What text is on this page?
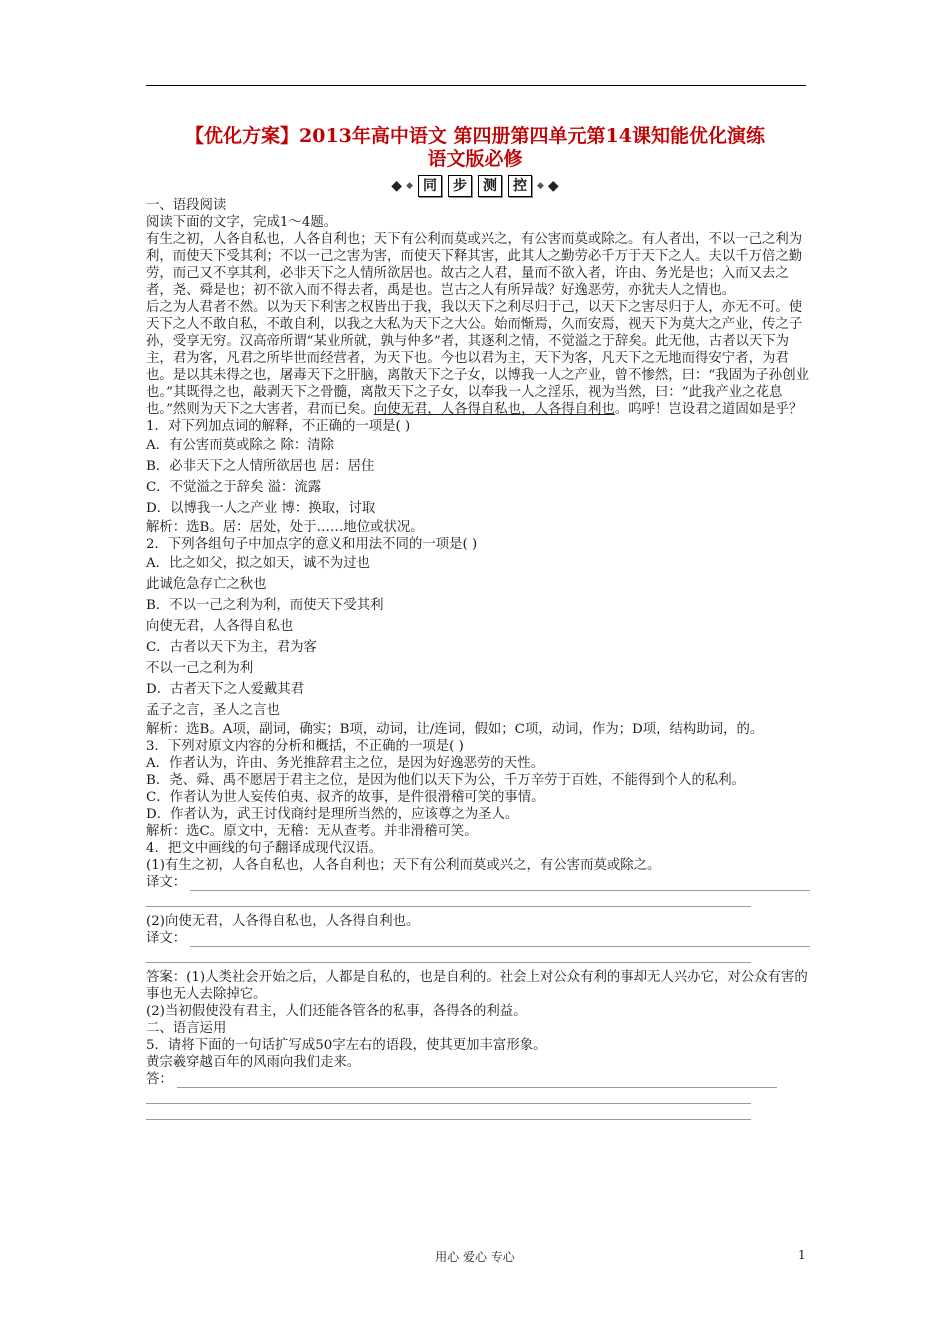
【优化方案】2013年高中语文 第四册第四单元第14课知能优化演练
语文版必修
◆ ◆ 同	步	测	控	◆ ◆

一、语段阅读

阅读下面的文字，完成1～4题。

有生之初，人各自私也，人各自利也；天下有公利而莫或兴之，有公害而莫或除之。有人者出，不以一己之利为利，而使天下受其利；不以一己之害为害，而使天下释其害，此其人之勤劳必千万于天下之人。夫以千万倍之勤劳，而己又不享其利，必非天下之人情所欲居也。故古之人君，量而不欲入者，许由、务光是也；入而又去之者，尧、舜是也；初不欲入而不得去者，禹是也。岂古之人有所异哉？好逸恶劳，亦犹夫人之情也。

后之为人君者不然。以为天下利害之权皆出于我，我以天下之利尽归于己，以天下之害尽归于人，亦无不可。使天下之人不敢自私，不敢自利，以我之大私为天下之大公。始而惭焉，久而安焉，视天下为莫大之产业，传之子孙，受享无穷。汉高帝所谓“某业所就，孰与仲多”者，其逐利之情，不觉溢之于辞矣。此无他，古者以天下为主，君为客，凡君之所毕世而经营者，为天下也。今也以君为主，天下为客，凡天下之无地而得安宁者，为君也。是以其未得之也，屠毒天下之肝脑，离散天下之子女，以博我一人之产业，曾不惨然，曰：“我固为子孙创业也。”其既得之也，敲剥天下之骨髓，离散天下之子女，以奉我一人之淫乐，视为当然，曰：“此我产业之花息也。”然则为天下之大害者，君而已矣。向使无君，人各得自私也，人各得自利也。呜呼！岂设君之道固如是乎？

1．对下列加点词的解释，不正确的一项是( )

A．有公害而莫或除之 除：清除

B．必非天下之人情所欲居也 居：居住

C．不觉溢之于辞矣 溢：流露

D．以博我一人之产业 博：换取，讨取

解析：选B。居：居处，处于……地位或状况。

2．下列各组句子中加点字的意义和用法不同的一项是( )

A．比之如父，拟之如天，诚不为过也

此诚危急存亡之秋也

B．不以一己之利为利，而使天下受其利

向使无君，人各得自私也

C．古者以天下为主，君为客

不以一己之利为利

D．古者天下之人爱戴其君

孟子之言，圣人之言也

解析：选B。A项，副词，确实；B项，动词，让/连词，假如；C项，动词，作为；D项，结构助词，的。

3．下列对原文内容的分析和概括，不正确的一项是( )

A．作者认为，许由、务光推辞君主之位，是因为好逸恶劳的天性。

B．尧、舜、禹不愿居于君主之位，是因为他们以天下为公，千万辛劳于百姓，不能得到个人的私利。

C．作者认为世人妄传伯夷、叔齐的故事，是件很滑稽可笑的事情。

D．作者认为，武王讨伐商纣是理所当然的，应该尊之为圣人。

解析：选C。原文中，无稽：无从查考。并非滑稽可笑。

4．把文中画线的句子翻译成现代汉语。

(1)有生之初，人各自私也，人各自利也；天下有公利而莫或兴之，有公害而莫或除之。

译文：

(2)向使无君，人各得自私也，人各得自利也。

译文：

答案：(1)人类社会开始之后，人都是自私的，也是自利的。社会上对公众有利的事却无人兴办它，对公众有害的事也无人去除掉它。

(2)当初假使没有君主，人们还能各管各的私事，各得各的利益。

二、语言运用

5．请将下面的一句话扩写成50字左右的语段，使其更加丰富形象。

黄宗羲穿越百年的风雨向我们走来。

答：
用心 爱心 专心	1
